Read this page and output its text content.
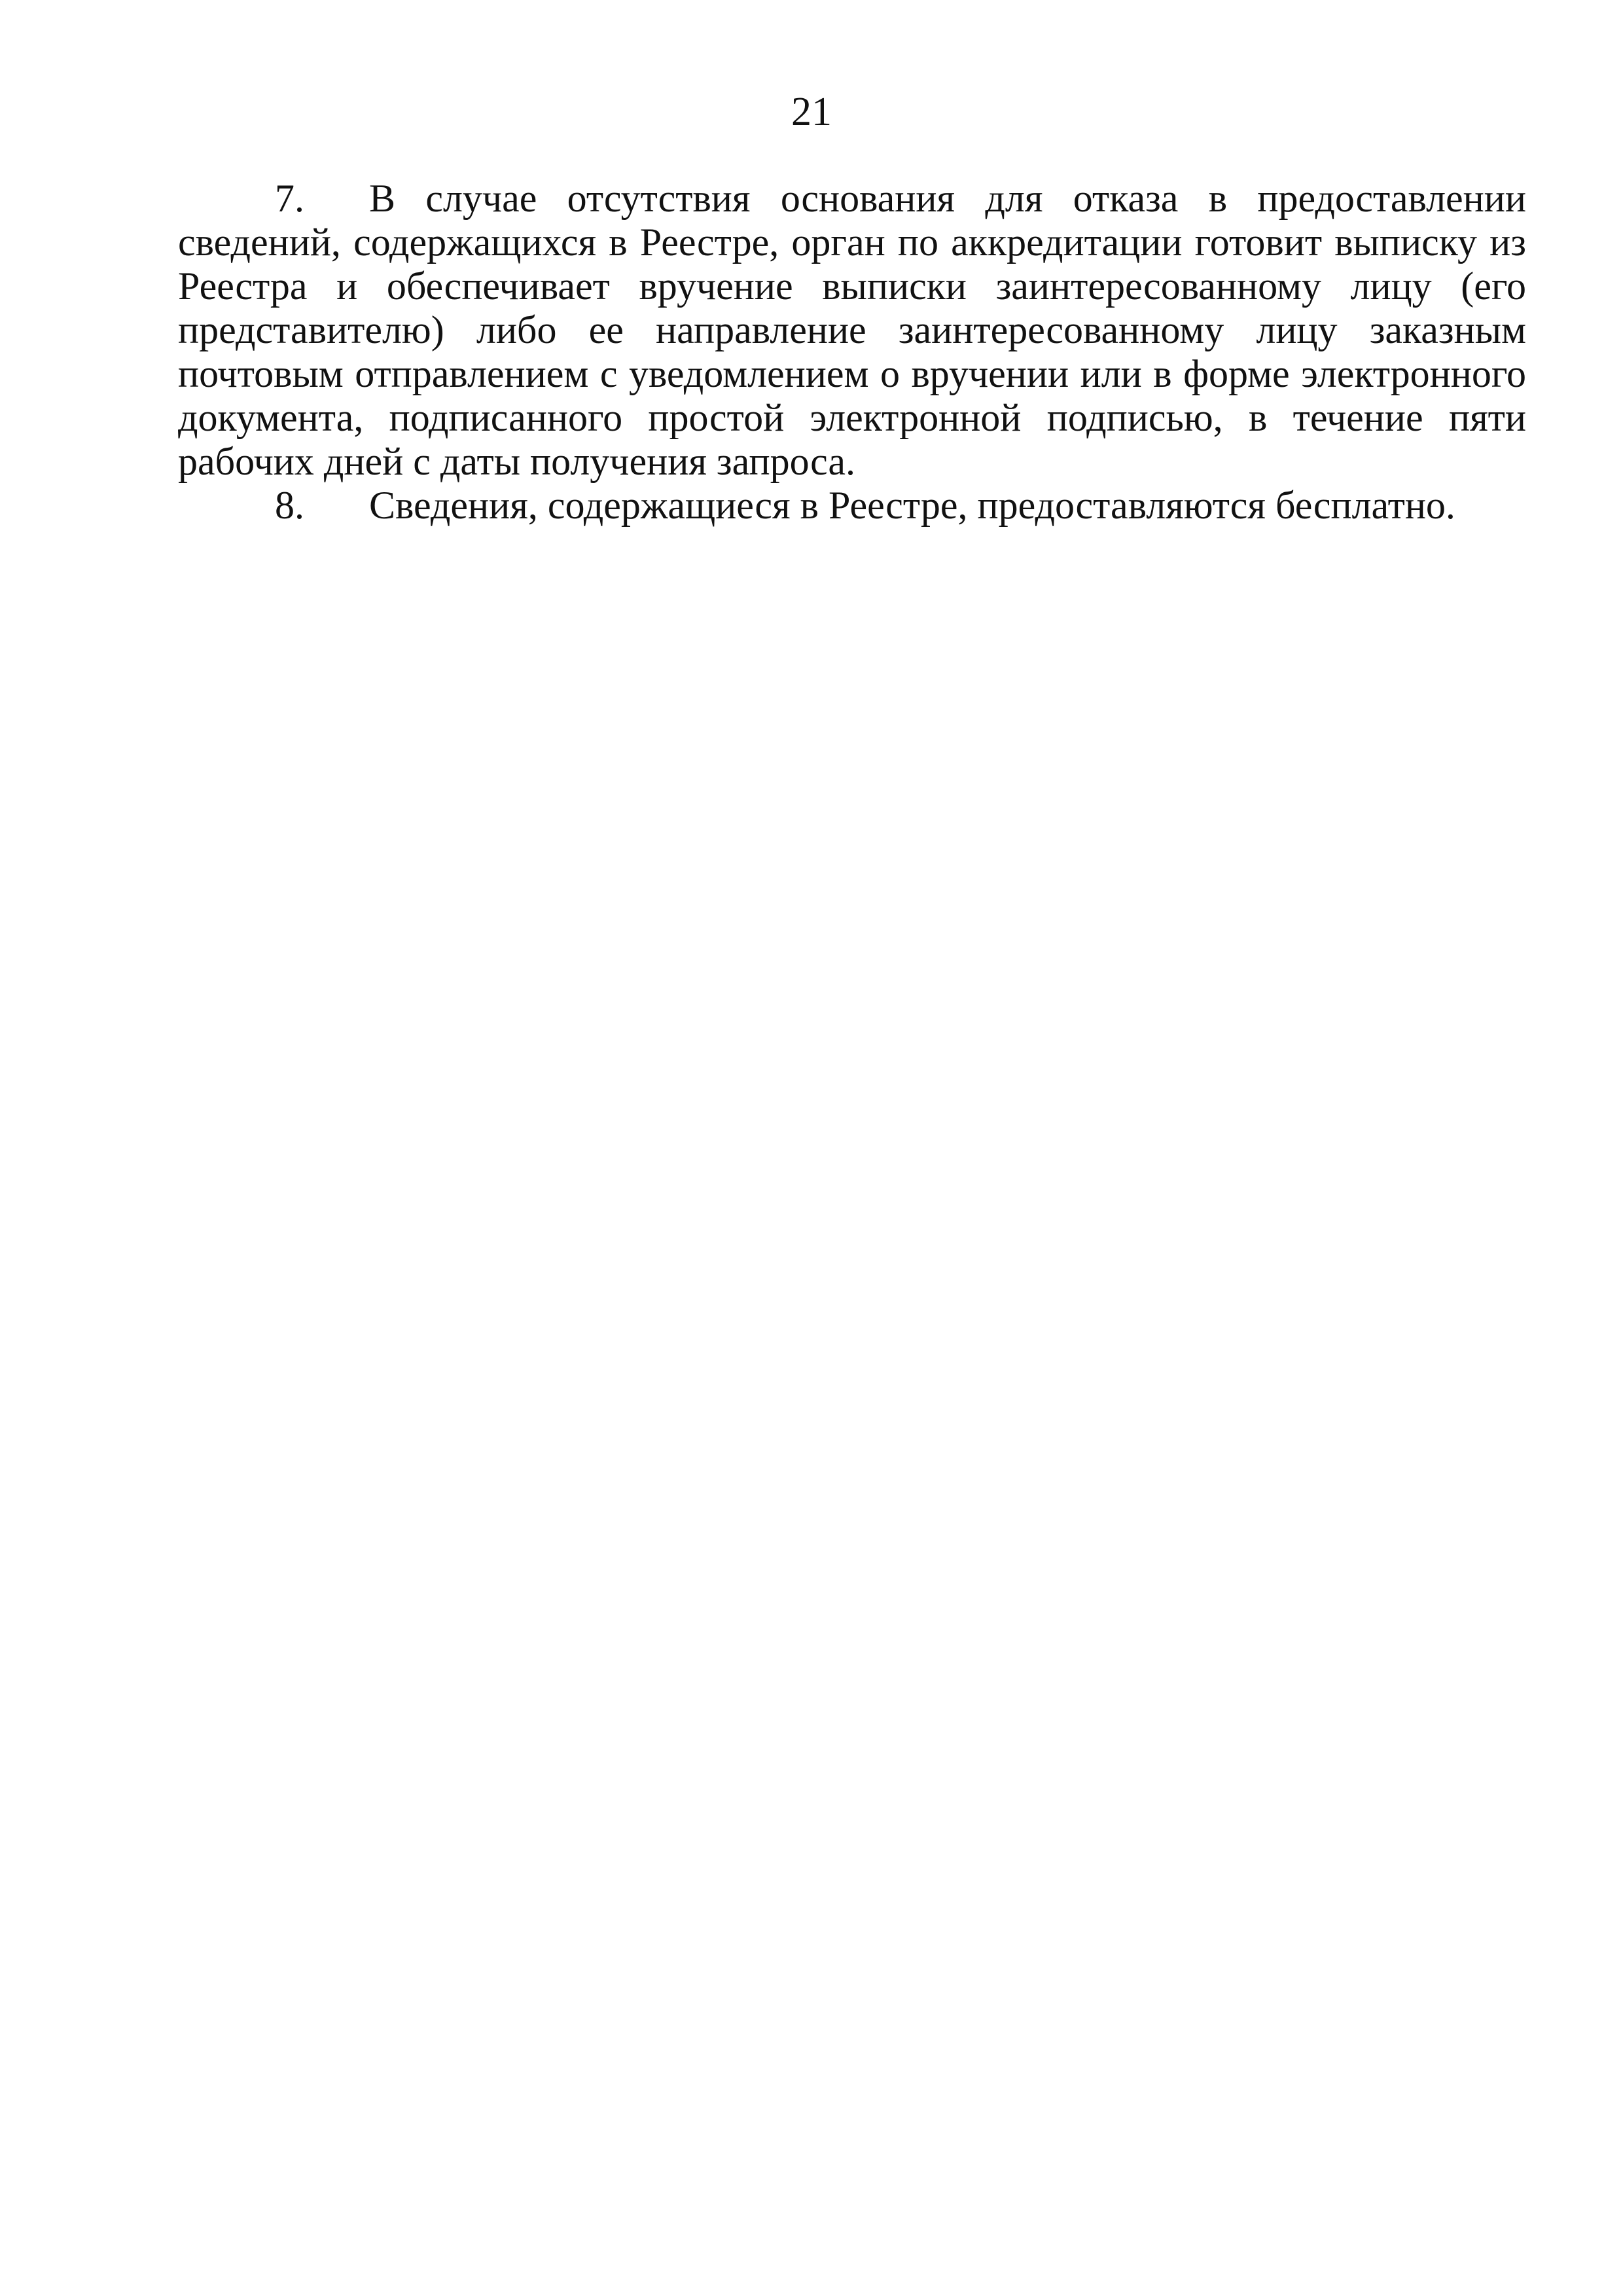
21

7. В случае отсутствия основания для отказа в предоставлении сведений, содержащихся в Реестре, орган по аккредитации готовит выписку из Реестра и обеспечивает вручение выписки заинтересованному лицу (его представителю) либо ее направление заинтересованному лицу заказным почтовым отправлением с уведомлением о вручении или в форме электронного документа, подписанного простой электронной подписью, в течение пяти рабочих дней с даты получения запроса.

8. Сведения, содержащиеся в Реестре, предоставляются бесплатно.
